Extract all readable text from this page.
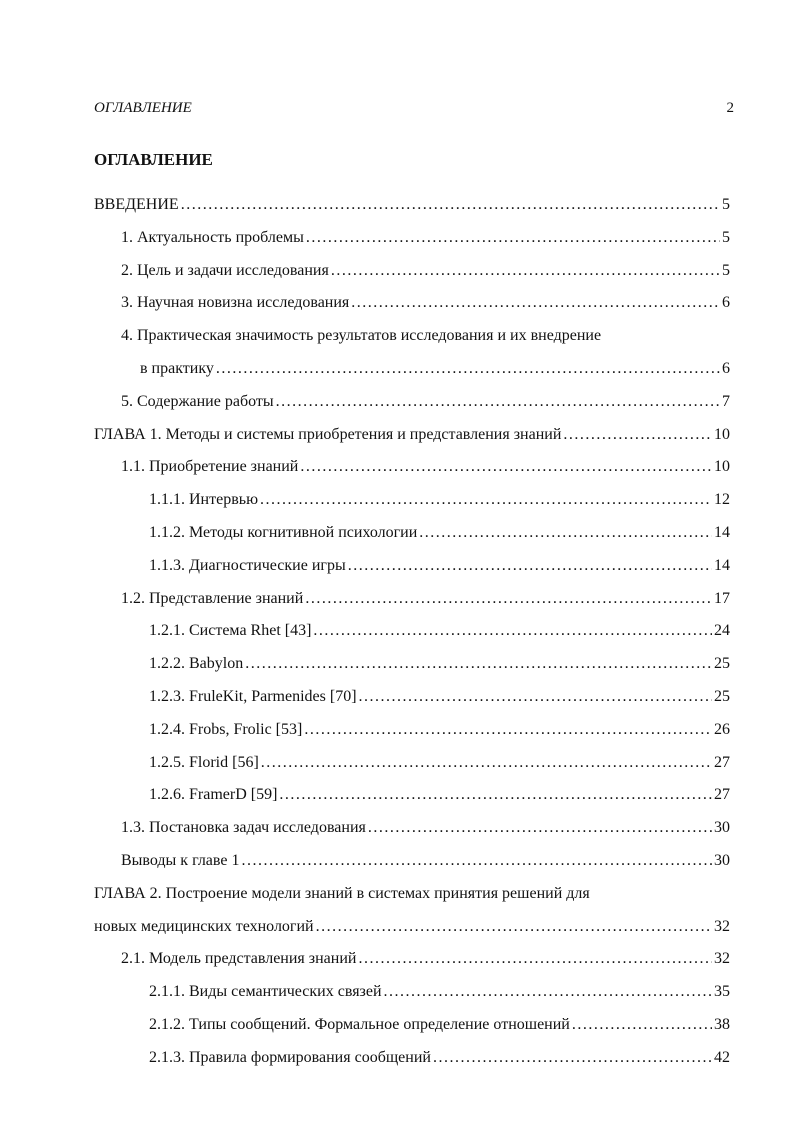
ОГЛАВЛЕНИЕ	2
ОГЛАВЛЕНИЕ
ВВЕДЕНИЕ .....	5
1. Актуальность проблемы .....	5
2. Цель и задачи исследования .....	5
3. Научная новизна исследования .....	6
4. Практическая значимость результатов исследования и их внедрение
в практику .....	6
5. Содержание работы .....	7
ГЛАВА 1. Методы и системы приобретения и представления знаний .....	10
1.1. Приобретение знаний .....	10
1.1.1. Интервью .....	12
1.1.2. Методы когнитивной психологии .....	14
1.1.3. Диагностические игры .....	14
1.2. Представление знаний .....	17
1.2.1. Система Rhet [43] .....	24
1.2.2. Babylon .....	25
1.2.3. FruleKit, Parmenides [70] .....	25
1.2.4. Frobs, Frolic [53] .....	26
1.2.5. Florid [56] .....	27
1.2.6. FramerD [59] .....	27
1.3. Постановка задач исследования .....	30
Выводы к главе 1 .....	30
ГЛАВА 2. Построение модели знаний в системах принятия решений для
новых медицинских технологий .....	32
2.1. Модель представления знаний .....	32
2.1.1. Виды семантических связей .....	35
2.1.2. Типы сообщений. Формальное определение отношений .....	38
2.1.3. Правила формирования сообщений .....	42
